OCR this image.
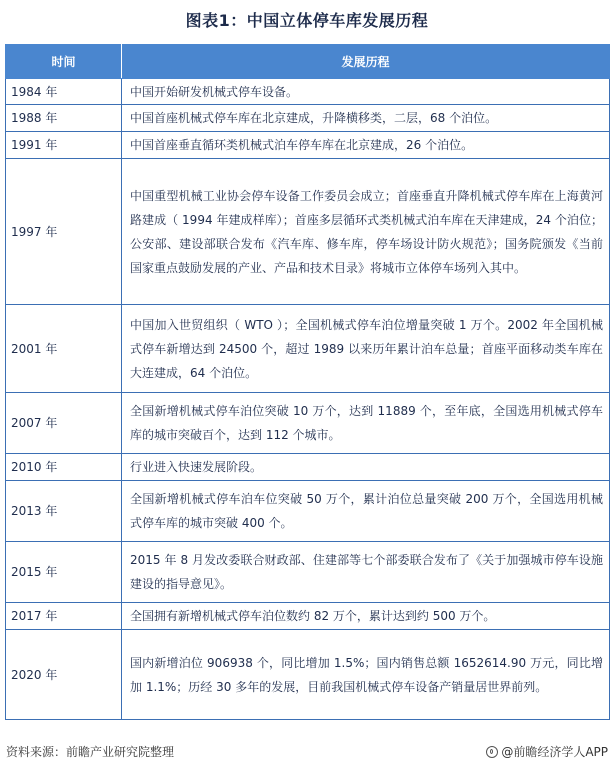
图表1：中国立体停车库发展历程
时间	发展历程
1984 年	中国开始研发机械式停车设备。
1988 年	中国首座机械式停车库在北京建成，升降横移类，二层，68 个泊位。
1991 年	中国首座垂直循环类机械式泊车停车库在北京建成，26 个泊位。
1997 年	中国重型机械工业协会停车设备工作委员会成立；首座垂直升降机械式停车库在上海黄河路建成（ 1994 年建成样库）；首座多层循环式类机械式泊车库在天津建成，24 个泊位；公安部、建设部联合发布《汽车库、修车库，停车场设计防火规范》；国务院颁发《当前国家重点鼓励发展的产业、产品和技术目录》将城市立体停车场列入其中。
2001 年	中国加入世贸组织（ WTO ）；全国机械式停车泊位增量突破 1 万个。2002 年全国机械式停车新增达到 24500 个，超过 1989 以来历年累计泊车总量；首座平面移动类车库在大连建成，64 个泊位。
2007 年	全国新增机械式停车泊位突破 10 万个，达到 11889 个，至年底，全国选用机械式停车库的城市突破百个，达到 112 个城市。
2010 年	行业进入快速发展阶段。
2013 年	全国新增机械式停车泊车位突破 50 万个，累计泊位总量突破 200 万个，全国选用机械式停车库的城市突破 400 个。
2015 年	2015 年 8 月发改委联合财政部、住建部等七个部委联合发布了《关于加强城市停车设施建设的指导意见》。
2017 年	全国拥有新增机械式停车泊位数约 82 万个，累计达到约 500 万个。
2020 年	国内新增泊位 906938 个，同比增加 1.5%；国内销售总额 1652614.90 万元，同比增加 1.1%；历经 30 多年的发展，目前我国机械式停车设备产销量居世界前列。
资料来源：前瞻产业研究院整理	@前瞻经济学人APP
